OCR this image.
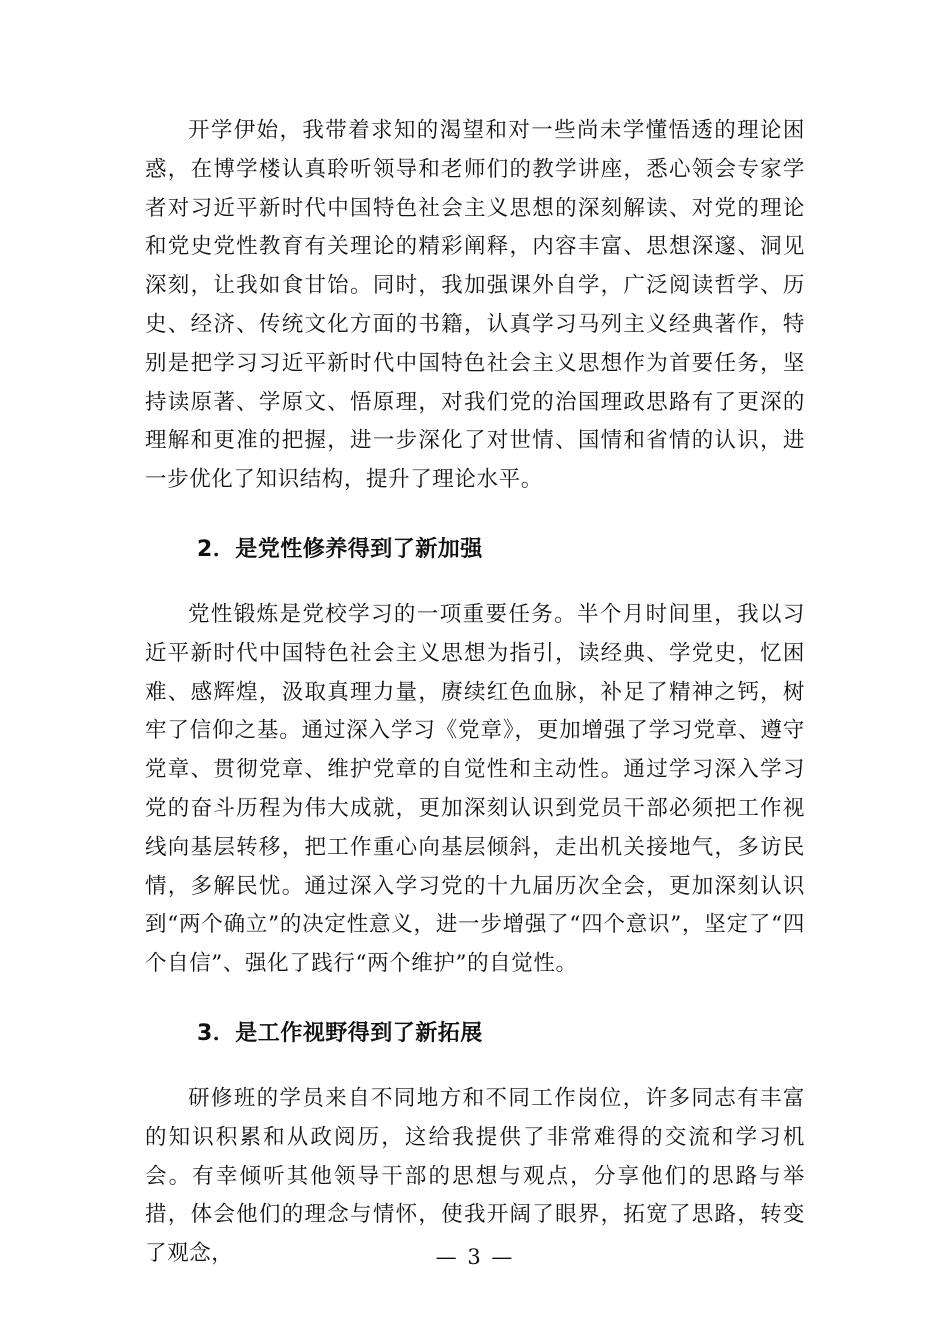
开学伊始，我带着求知的渴望和对一些尚未学懂悟透的理论困惑，在博学楼认真聆听领导和老师们的教学讲座，悉心领会专家学者对习近平新时代中国特色社会主义思想的深刻解读、对党的理论和党史党性教育有关理论的精彩阐释，内容丰富、思想深邃、洞见深刻，让我如食甘饴。同时，我加强课外自学，广泛阅读哲学、历史、经济、传统文化方面的书籍，认真学习马列主义经典著作，特别是把学习习近平新时代中国特色社会主义思想作为首要任务，坚持读原著、学原文、悟原理，对我们党的治国理政思路有了更深的理解和更准的把握，进一步深化了对世情、国情和省情的认识，进一步优化了知识结构，提升了理论水平。

2．是党性修养得到了新加强

党性锻炼是党校学习的一项重要任务。半个月时间里，我以习近平新时代中国特色社会主义思想为指引，读经典、学党史，忆困难、感辉煌，汲取真理力量，赓续红色血脉，补足了精神之钙，树牢了信仰之基。通过深入学习《党章》，更加增强了学习党章、遵守党章、贯彻党章、维护党章的自觉性和主动性。通过学习深入学习党的奋斗历程为伟大成就，更加深刻认识到党员干部必须把工作视线向基层转移，把工作重心向基层倾斜，走出机关接地气，多访民情，多解民忧。通过深入学习党的十九届历次全会，更加深刻认识到“两个确立”的决定性意义，进一步增强了“四个意识”，坚定了“四个自信”、强化了践行“两个维护”的自觉性。

3．是工作视野得到了新拓展

研修班的学员来自不同地方和不同工作岗位，许多同志有丰富的知识积累和从政阅历，这给我提供了非常难得的交流和学习机会。有幸倾听其他领导干部的思想与观点，分享他们的思路与举措，体会他们的理念与情怀，使我开阔了眼界，拓宽了思路，转变了观念，	— 3 —
